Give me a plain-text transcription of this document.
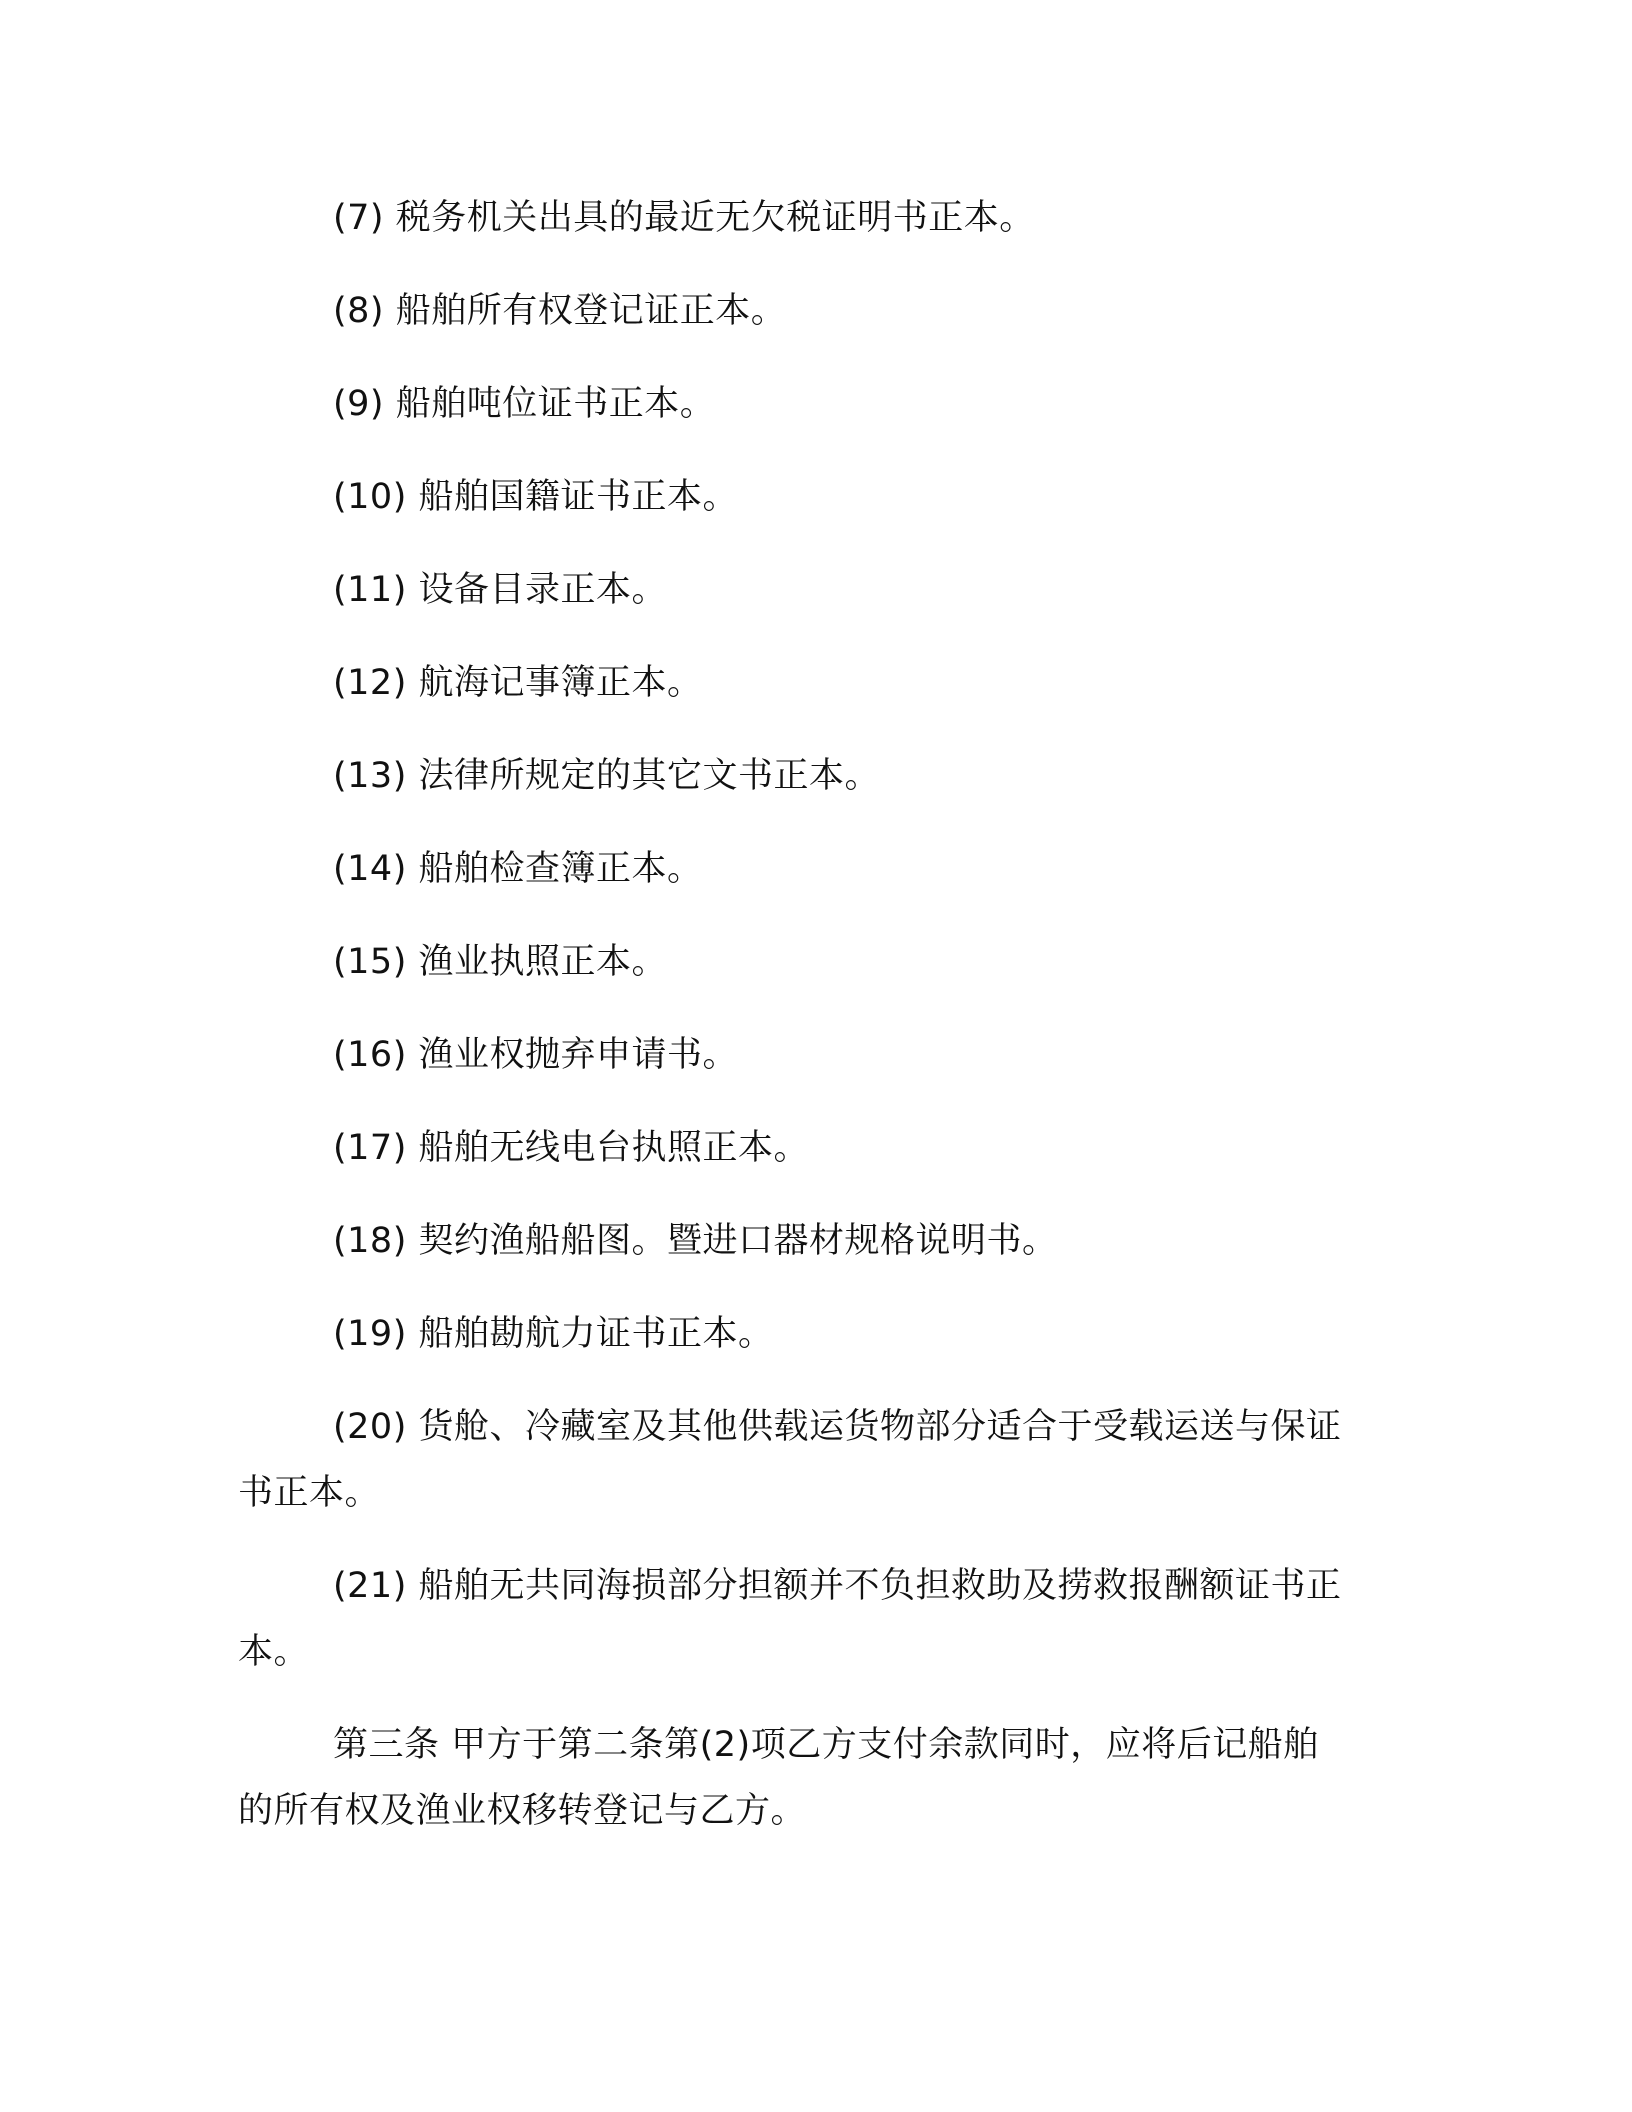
(7) 税务机关出具的最近无欠税证明书正本。
(8) 船舶所有权登记证正本。
(9) 船舶吨位证书正本。
(10) 船舶国籍证书正本。
(11) 设备目录正本。
(12) 航海记事簿正本。
(13) 法律所规定的其它文书正本。
(14) 船舶检查簿正本。
(15) 渔业执照正本。
(16) 渔业权抛弃申请书。
(17) 船舶无线电台执照正本。
(18) 契约渔船船图。暨进口器材规格说明书。
(19) 船舶勘航力证书正本。
(20) 货舱、冷藏室及其他供载运货物部分适合于受载运送与保证
书正本。
(21) 船舶无共同海损部分担额并不负担救助及捞救报酬额证书正
本。
第三条 甲方于第二条第(2)项乙方支付余款同时，应将后记船舶
的所有权及渔业权移转登记与乙方。
